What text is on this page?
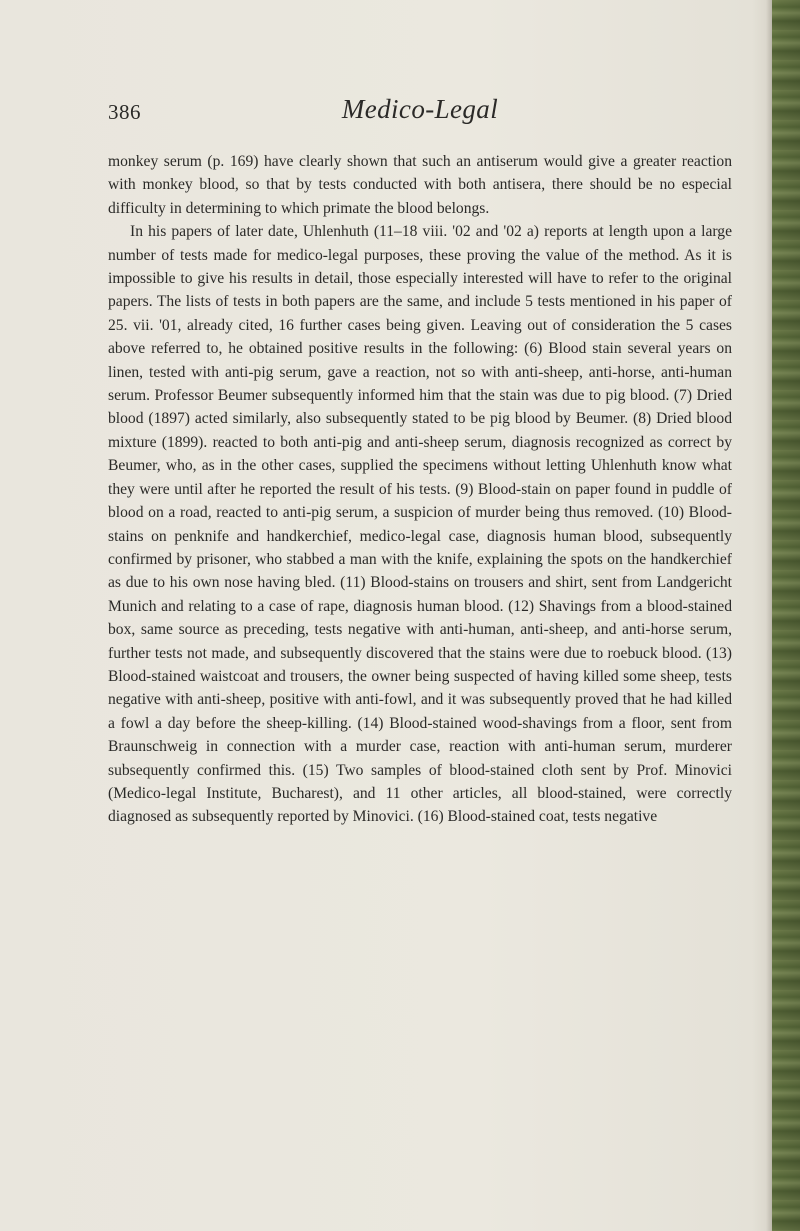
386	Medico-Legal

monkey serum (p. 169) have clearly shown that such an antiserum would give a greater reaction with monkey blood, so that by tests conducted with both antisera, there should be no especial difficulty in determining to which primate the blood belongs.

In his papers of later date, Uhlenhuth (11–18 viii. '02 and '02 a) reports at length upon a large number of tests made for medico-legal purposes, these proving the value of the method. As it is impossible to give his results in detail, those especially interested will have to refer to the original papers. The lists of tests in both papers are the same, and include 5 tests mentioned in his paper of 25. vii. '01, already cited, 16 further cases being given. Leaving out of consideration the 5 cases above referred to, he obtained positive results in the following: (6) Blood stain several years on linen, tested with anti-pig serum, gave a reaction, not so with anti-sheep, anti-horse, anti-human serum. Professor Beumer subsequently informed him that the stain was due to pig blood. (7) Dried blood (1897) acted similarly, also subsequently stated to be pig blood by Beumer. (8) Dried blood mixture (1899). reacted to both anti-pig and anti-sheep serum, diagnosis recognized as correct by Beumer, who, as in the other cases, supplied the specimens without letting Uhlenhuth know what they were until after he reported the result of his tests. (9) Blood-stain on paper found in puddle of blood on a road, reacted to anti-pig serum, a suspicion of murder being thus removed. (10) Blood-stains on penknife and handkerchief, medico-legal case, diagnosis human blood, subsequently confirmed by prisoner, who stabbed a man with the knife, explaining the spots on the handkerchief as due to his own nose having bled. (11) Blood-stains on trousers and shirt, sent from Landgericht Munich and relating to a case of rape, diagnosis human blood. (12) Shavings from a blood-stained box, same source as preceding, tests negative with anti-human, anti-sheep, and anti-horse serum, further tests not made, and subsequently discovered that the stains were due to roebuck blood. (13) Blood-stained waistcoat and trousers, the owner being suspected of having killed some sheep, tests negative with anti-sheep, positive with anti-fowl, and it was subsequently proved that he had killed a fowl a day before the sheep-killing. (14) Blood-stained wood-shavings from a floor, sent from Braunschweig in connection with a murder case, reaction with anti-human serum, murderer subsequently confirmed this. (15) Two samples of blood-stained cloth sent by Prof. Minovici (Medico-legal Institute, Bucharest), and 11 other articles, all blood-stained, were correctly diagnosed as subsequently reported by Minovici. (16) Blood-stained coat, tests negative
